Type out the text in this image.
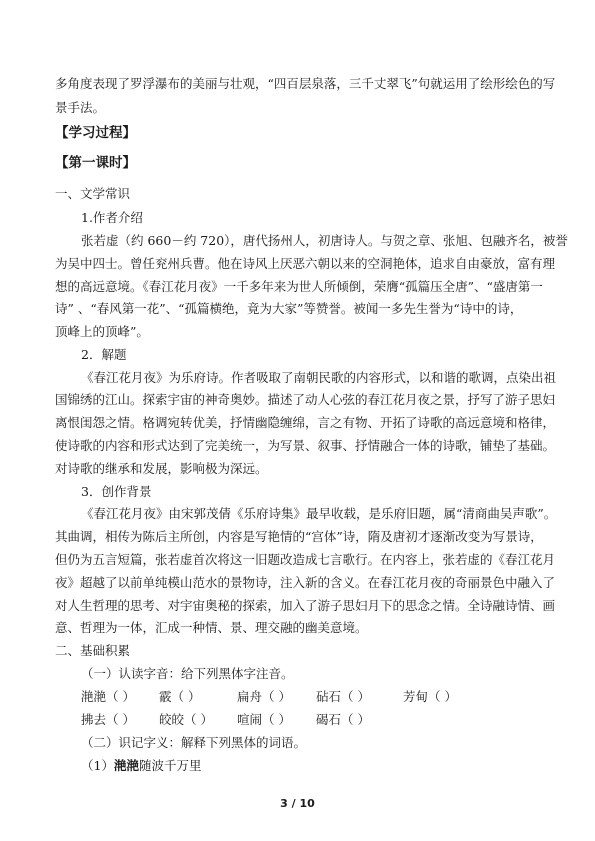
多角度表现了罗浮瀑布的美丽与壮观，“四百层泉落，三千丈翠飞”句就运用了绘形绘色的写
景手法。
【学习过程】
【第一课时】
一、文学常识
1.作者介绍
张若虚（约 660－约 720），唐代扬州人，初唐诗人。与贺之章、张旭、包融齐名，被誉
为吴中四士。曾任兖州兵曹。他在诗风上厌恶六朝以来的空洞艳体，追求自由豪放，富有理
想的高远意境。《春江花月夜》一千多年来为世人所倾倒，荣膺“孤篇压全唐”、“盛唐第一
诗” 、“春风第一花”、“孤篇横绝，竟为大家”等赞誉。被闻一多先生誉为“诗中的诗，
顶峰上的顶峰”。
2．解题
《春江花月夜》为乐府诗。作者吸取了南朝民歌的内容形式，以和谐的歌调，点染出祖
国锦绣的江山。探索宇宙的神奇奥妙。描述了动人心弦的春江花月夜之景，抒写了游子思妇
离恨闺怨之情。格调宛转优美，抒情幽隐缠绵，言之有物、开拓了诗歌的高远意境和格律，
使诗歌的内容和形式达到了完美统一，为写景、叙事、抒情融合一体的诗歌，铺垫了基础。
对诗歌的继承和发展，影响极为深远。
3．创作背景
《春江花月夜》由宋郭茂倩《乐府诗集》最早收载，是乐府旧题，属“清商曲吴声歌”。
其曲调，相传为陈后主所创，内容是写艳情的“宫体”诗，隋及唐初才逐渐改变为写景诗，
但仍为五言短篇，张若虚首次将这一旧题改造成七言歌行。在内容上，张若虚的《春江花月
夜》超越了以前单纯模山范水的景物诗，注入新的含义。在春江花月夜的奇丽景色中融入了
对人生哲理的思考、对宇宙奥秘的探索，加入了游子思妇月下的思念之情。全诗融诗情、画
意、哲理为一体，汇成一种情、景、理交融的幽美意境。
二、基础积累
（一）认读字音：给下列黑体字注音。
滟滟（ ） 霰（ ）	扁舟（ ） 砧石（ ）	芳甸（ ）
拂去（ ） 皎皎（ ） 喧闹（ ） 碣石（ ）
（二）识记字义：解释下列黑体的词语。
（1）滟滟随波千万里
3 / 10
